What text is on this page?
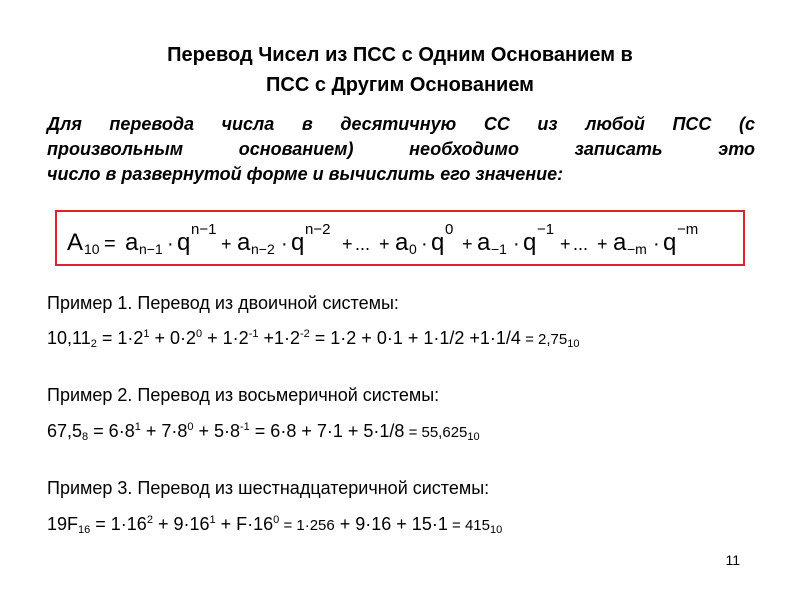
Перевод Чисел из ПСС с Одним Основанием в
ПСС с Другим Основанием
Для перевода числа в десятичную СС из любой ПСС (с
произвольным основанием) необходимо записать это
число в развернутой форме и вычислить его значение:
A 10 = a n−1 · q n−1
+ a n−2 · q n−2
+ ... + a 0 · q 0
+ a −1 · q −1
+ ... + a −m · q −m
Пример 1. Перевод из двоичной системы:
$10,11_2 = 1\cdot 2^1 + 0\cdot 2^0 + 1\cdot 2^{-1} +1\cdot 2^{-2} = 1\cdot 2 + 0\cdot 1 + 1\cdot 1/2 +1\cdot 1/4 = 2,75_{10}$
Пример 2. Перевод из восьмеричной системы:
$67,5_8 = 6\cdot 8^1 + 7\cdot 8^0 + 5\cdot 8^{-1} = 6\cdot 8 + 7\cdot 1 + 5\cdot 1/8 = 55,625_{10}$
Пример 3. Перевод из шестнадцатеричной системы:
$19F_{16} = 1\cdot 16^2 + 9\cdot 16^1 + F\cdot 16^0 = 1\cdot 256 + 9\cdot 16 + 15\cdot 1 = 415_{10}$
11
